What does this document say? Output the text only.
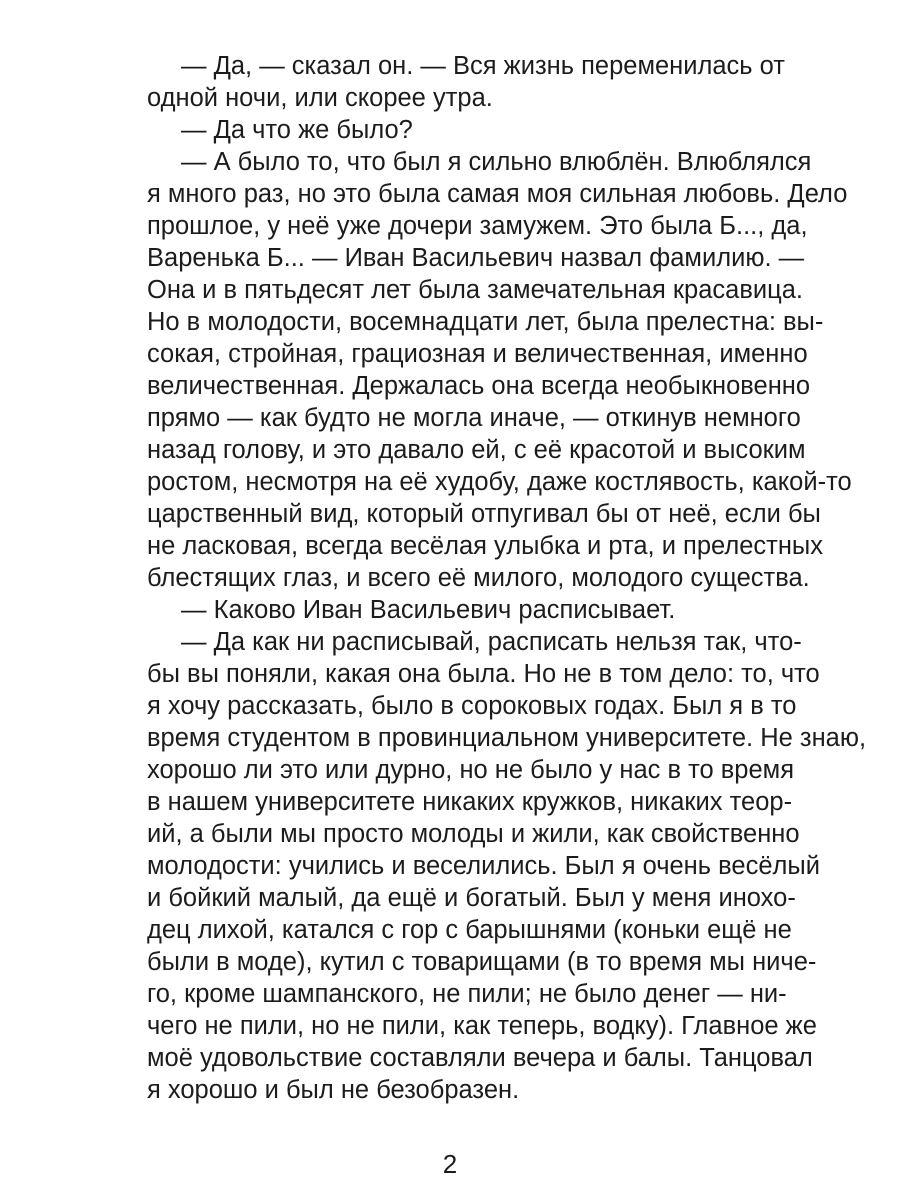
— Да, — сказал он. — Вся жизнь переменилась от
одной ночи, или скорее утра.
— Да что же было?
— А было то, что был я сильно влюблён. Влюблялся
я много раз, но это была самая моя сильная любовь. Дело
прошлое, у неё уже дочери замужем. Это была Б..., да,
Варенька Б... — Иван Васильевич назвал фамилию. —
Она и в пятьдесят лет была замечательная красавица.
Но в молодости, восемнадцати лет, была прелестна: вы-
сокая, стройная, грациозная и величественная, именно
величественная. Держалась она всегда необыкновенно
прямо — как будто не могла иначе, — откинув немного
назад голову, и это давало ей, с её красотой и высоким
ростом, несмотря на её худобу, даже костлявость, какой-то
царственный вид, который отпугивал бы от неё, если бы
не ласковая, всегда весёлая улыбка и рта, и прелестных
блестящих глаз, и всего её милого, молодого существа.
— Каково Иван Васильевич расписывает.
— Да как ни расписывай, расписать нельзя так, что-
бы вы поняли, какая она была. Но не в том дело: то, что
я хочу рассказать, было в сороковых годах. Был я в то
время студентом в провинциальном университете. Не знаю,
хорошо ли это или дурно, но не было у нас в то время
в нашем университете никаких кружков, никаких теор-
ий, а были мы просто молоды и жили, как свойственно
молодости: учились и веселились. Был я очень весёлый
и бойкий малый, да ещё и богатый. Был у меня инохо-
дец лихой, катался с гор с барышнями (коньки ещё не
были в моде), кутил с товарищами (в то время мы ниче-
го, кроме шампанского, не пили; не было денег — ни-
чего не пили, но не пили, как теперь, водку). Главное же
моё удовольствие составляли вечера и балы. Танцовал
я хорошо и был не безобразен.
2
